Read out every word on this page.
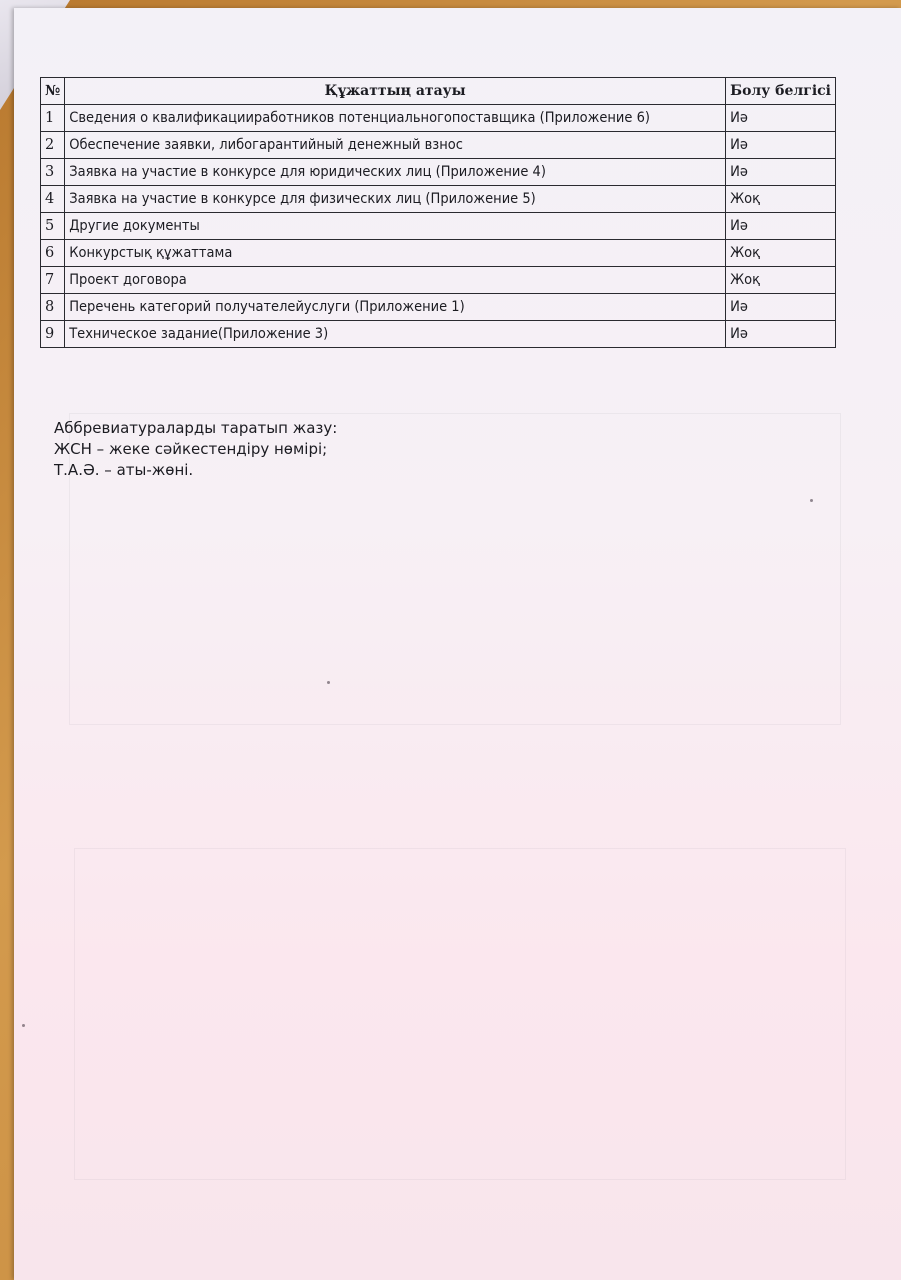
№	Құжаттың атауы	Болу белгісі
1	Сведения о квалификацииработников потенциальногопоставщика (Приложение 6)	Иә
2	Обеспечение заявки, либогарантийный денежный взнос	Иә
3	Заявка на участие в конкурсе для юридических лиц (Приложение 4)	Иә
4	Заявка на участие в конкурсе для физических лиц (Приложение 5)	Жоқ
5	Другие документы	Иә
6	Конкурстық құжаттама	Жоқ
7	Проект договора	Жоқ
8	Перечень категорий получателейуслуги (Приложение 1)	Иә
9	Техническое задание(Приложение 3)	Иә
Аббревиатураларды таратып жазу:
ЖСН – жеке сәйкестендіру нөмірі;
Т.А.Ә. – аты-жөні.
